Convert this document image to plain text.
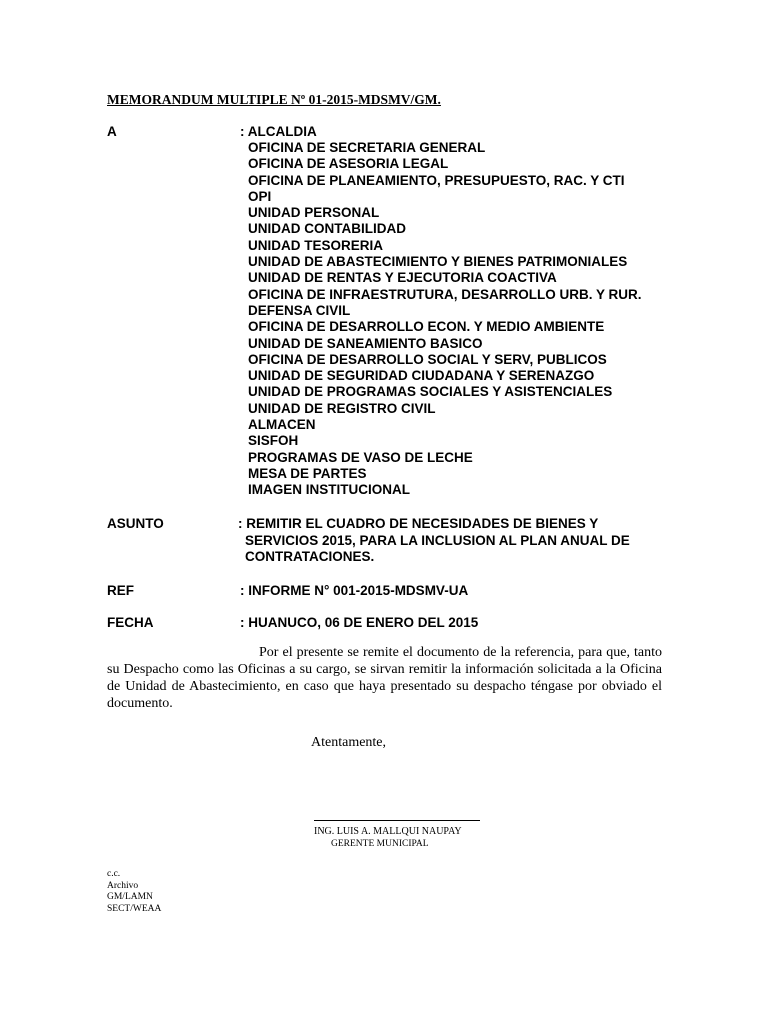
MEMORANDUM MULTIPLE Nº 01-2015-MDSMV/GM.
A	: ALCALDIA
OFICINA DE SECRETARIA GENERAL
OFICINA DE ASESORIA LEGAL
OFICINA DE PLANEAMIENTO, PRESUPUESTO, RAC. Y CTI
OPI
UNIDAD PERSONAL
UNIDAD CONTABILIDAD
UNIDAD TESORERIA
UNIDAD DE ABASTECIMIENTO Y BIENES PATRIMONIALES
UNIDAD DE RENTAS Y EJECUTORIA COACTIVA
OFICINA DE INFRAESTRUTURA, DESARROLLO URB. Y RUR.
DEFENSA CIVIL
OFICINA DE DESARROLLO ECON. Y MEDIO AMBIENTE
UNIDAD DE SANEAMIENTO BASICO
OFICINA DE DESARROLLO SOCIAL Y SERV, PUBLICOS
UNIDAD DE SEGURIDAD CIUDADANA Y SERENAZGO
UNIDAD DE PROGRAMAS SOCIALES Y ASISTENCIALES
UNIDAD DE REGISTRO CIVIL
ALMACEN
SISFOH
PROGRAMAS DE VASO DE LECHE
MESA DE PARTES
IMAGEN INSTITUCIONAL
ASUNTO	: REMITIR EL CUADRO DE NECESIDADES DE BIENES Y
SERVICIOS 2015, PARA LA INCLUSION AL PLAN ANUAL DE
CONTRATACIONES.
REF	: INFORME N° 001-2015-MDSMV-UA
FECHA	: HUANUCO, 06 DE ENERO DEL 2015
Por el presente se remite el documento de la referencia, para que, tanto su Despacho como las Oficinas a su cargo, se sirvan remitir la información solicitada a la Oficina de Unidad de Abastecimiento, en caso que haya presentado su despacho téngase por obviado el documento.
Atentamente,
ING. LUIS A. MALLQUI NAUPAY
GERENTE MUNICIPAL
c.c.
Archivo
GM/LAMN
SECT/WEAA
